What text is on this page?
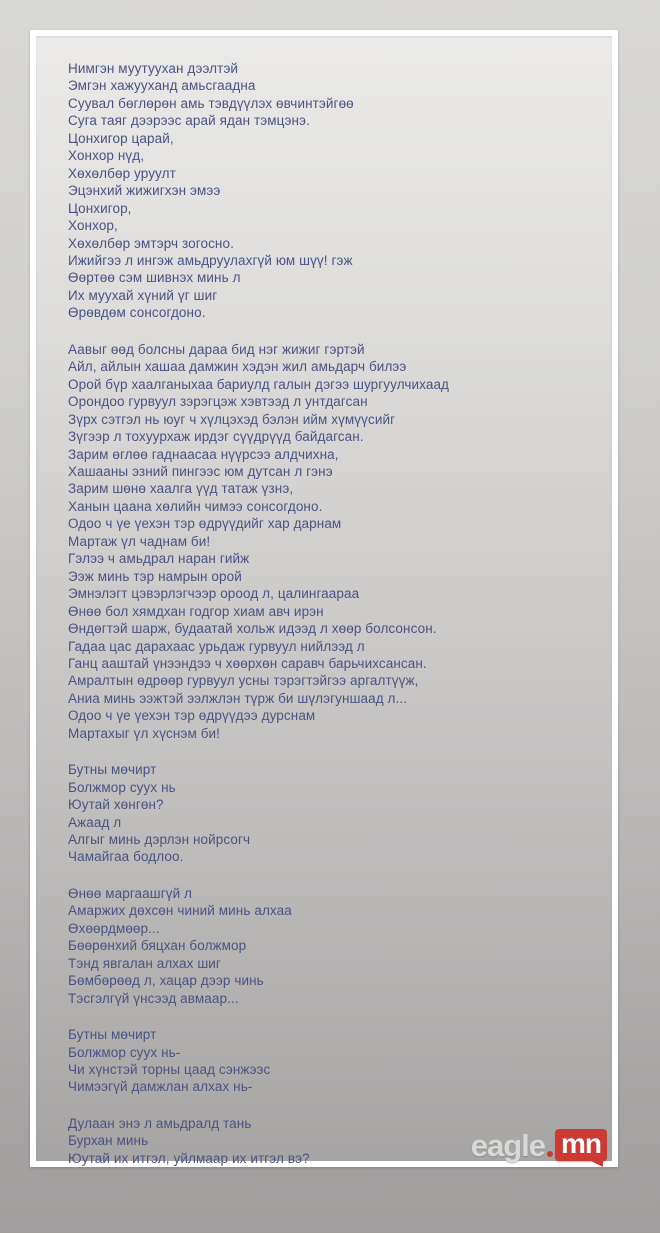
Нимгэн муутуухан дээлтэй
Эмгэн хажууханд амьсгаадна
Суувал бөглөрөн амь тэвдүүлэх өвчинтэйгөө
Суга таяг дээрээс арай ядан тэмцэнэ.
Цонхигор царай,
Хонхор нүд,
Хөхөлбөр уруулт
Эцэнхий жижигхэн эмээ
Цонхигор,
Хонхор,
Хөхөлбөр эмтэрч зогосно.
Ижийгээ л ингэж амьдруулахгүй юм шүү! гэж
Өөртөө сэм шивнэх минь л
Их муухай хүний үг шиг
Өрөвдөм сонсогдоно.
Аавыг өөд болсны дараа бид нэг жижиг гэртэй
Айл, айлын хашаа дамжин хэдэн жил амьдарч билээ
Орой бүр хаалганыхаа бариулд галын дэгээ шургуулчихаад
Орондоо гурвуул зэрэгцэж хэвтээд л унтдагсан
Зүрх сэтгэл нь юуг ч хүлцэхэд бэлэн ийм хүмүүсийг
Зүгээр л тохуурхаж ирдэг сүүдрүүд байдагсан.
Зарим өглөө гаднаасаа нүүрсээ алдчихна,
Хашааны эзний пингээс юм дутсан л гэнэ
Зарим шөнө хаалга үүд татаж үзнэ,
Ханын цаана хөлийн чимээ сонсогдоно.
Одоо ч үе үехэн тэр өдрүүдийг хар дарнам
Мартаж үл чаднам би!
Гэлээ ч амьдрал наран гийж
Ээж минь тэр намрын орой
Эмнэлэгт цэвэрлэгчээр ороод л, цалингаараа
Өнөө бол хямдхан годгор хиам авч ирэн
Өндөгтэй шарж, будаатай хольж идээд л хөөр болсонсон.
Гадаа цас дарахаас урьдаж гурвуул нийлээд л
Ганц ааштай үнээндээ ч хөөрхөн саравч барьчихсансан.
Амралтын өдрөөр гурвуул усны тэрэгтэйгээ аргалтүүж,
Аниа минь ээжтэй ээлжлэн түрж би шүлэгуншаад л...
Одоо ч үе үехэн тэр өдрүүдээ дурснам
Мартахыг үл хүснэм би!
Бутны мөчирт
Болжмор суух нь
Юутай хөнгөн?
Ажаад л
Алгыг минь дэрлэн нойрсогч
Чамайгаа бодлоо.
Өнөө маргаашгүй л
Амаржих дөхсөн чиний минь алхаа
Өхөөрдмөөр...
Бөөрөнхий бяцхан болжмор
Тэнд явгалан алхах шиг
Бөмбөрөөд л, хацар дээр чинь
Тэсгэлгүй үнсээд авмаар...
Бутны мөчирт
Болжмор суух нь-
Чи хүнстэй торны цаад сэнжээс
Чимээгүй дамжлан алхах нь-
Дулаан энэ л амьдралд тань
Бурхан минь
Юутай их итгэл, уйлмаар их итгэл вэ?	eagle mn
